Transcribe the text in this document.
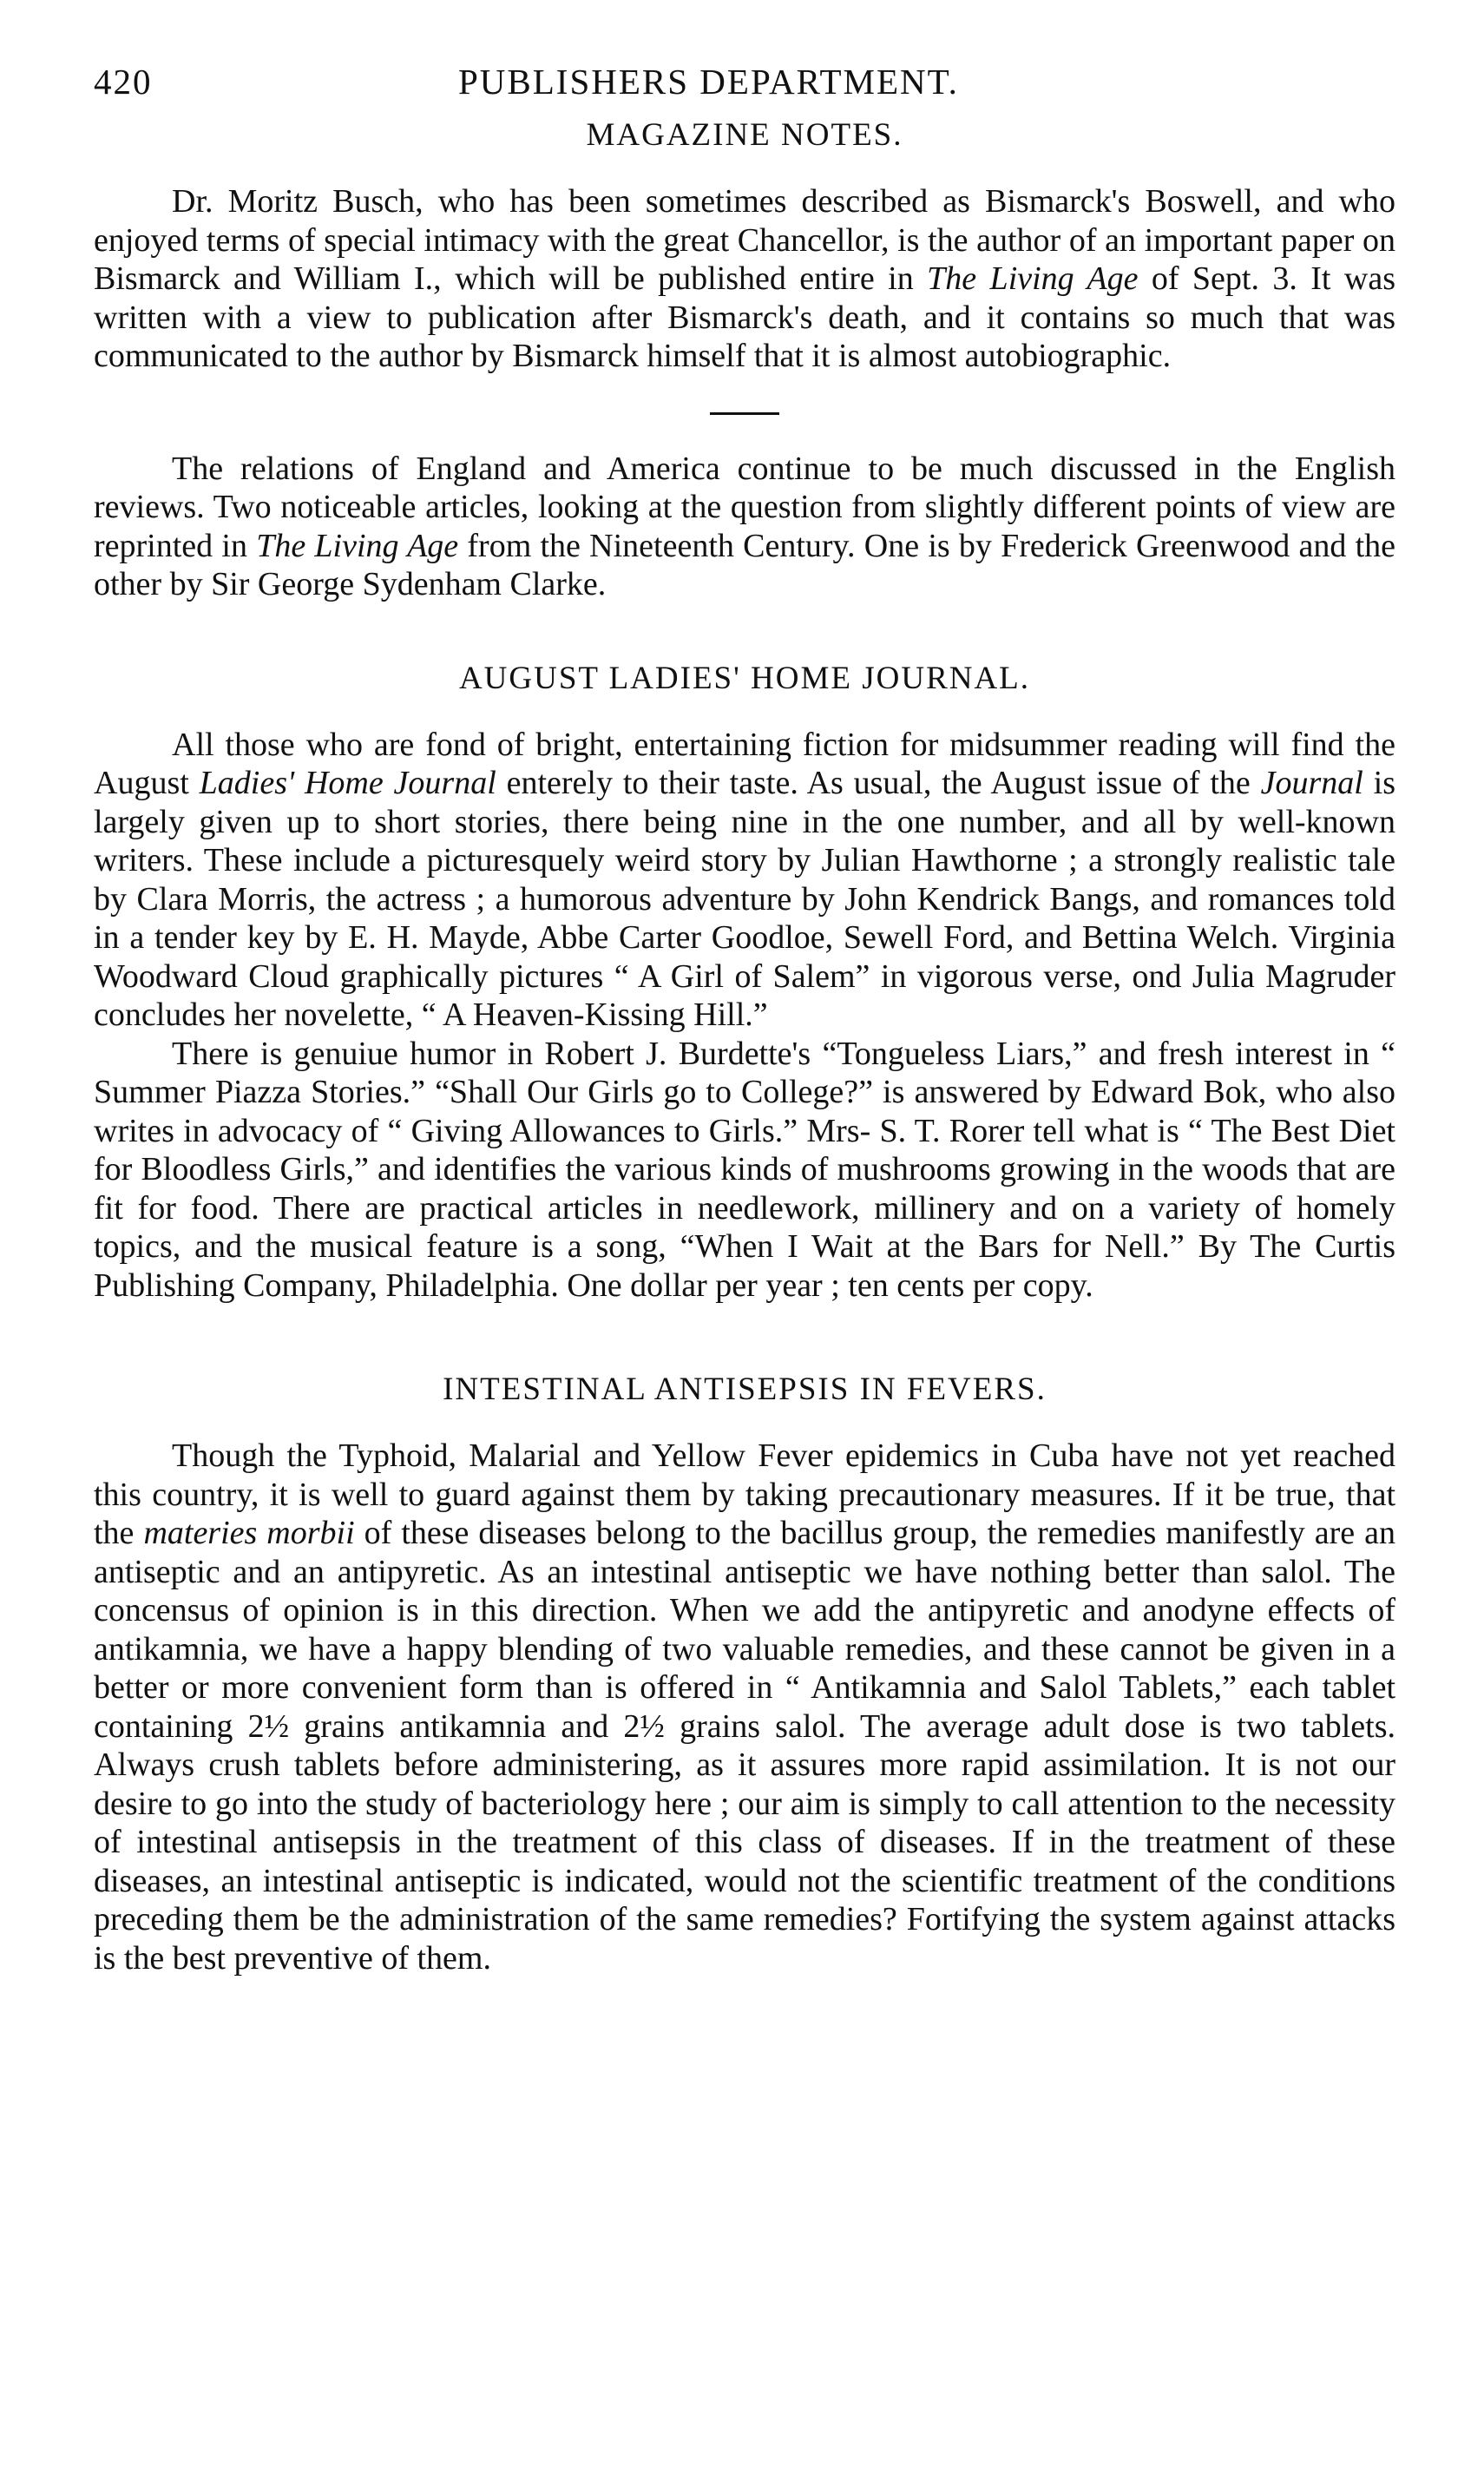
420	PUBLISHERS DEPARTMENT.
MAGAZINE NOTES.

Dr. Moritz Busch, who has been sometimes described as Bismarck's Boswell, and who enjoyed terms of special intimacy with the great Chancellor, is the author of an important paper on Bismarck and William I., which will be published entire in The Living Age of Sept. 3. It was written with a view to publication after Bismarck's death, and it contains so much that was communicated to the author by Bismarck himself that it is almost autobiographic.

The relations of England and America continue to be much discussed in the English reviews. Two noticeable articles, looking at the question from slightly different points of view are reprinted in The Living Age from the Nineteenth Century. One is by Frederick Greenwood and the other by Sir George Sydenham Clarke.

AUGUST LADIES' HOME JOURNAL.

All those who are fond of bright, entertaining fiction for midsummer reading will find the August Ladies' Home Journal enterely to their taste. As usual, the August issue of the Journal is largely given up to short stories, there being nine in the one number, and all by well-known writers. These include a picturesquely weird story by Julian Hawthorne ; a strongly realistic tale by Clara Morris, the actress ; a humorous adventure by John Kendrick Bangs, and romances told in a tender key by E. H. Mayde, Abbe Carter Goodloe, Sewell Ford, and Bettina Welch. Virginia Woodward Cloud graphically pictures “ A Girl of Salem” in vigorous verse, ond Julia Magruder concludes her novelette, “ A Heaven-Kissing Hill.”

There is genuiue humor in Robert J. Burdette's “Tongueless Liars,” and fresh interest in “ Summer Piazza Stories.” “Shall Our Girls go to College?” is answered by Edward Bok, who also writes in advocacy of “ Giving Allowances to Girls.” Mrs- S. T. Rorer tell what is “ The Best Diet for Bloodless Girls,” and identifies the various kinds of mushrooms growing in the woods that are fit for food. There are practical articles in needlework, millinery and on a variety of homely topics, and the musical feature is a song, “When I Wait at the Bars for Nell.” By The Curtis Publishing Company, Philadelphia. One dollar per year ; ten cents per copy.

INTESTINAL ANTISEPSIS IN FEVERS.

Though the Typhoid, Malarial and Yellow Fever epidemics in Cuba have not yet reached this country, it is well to guard against them by taking precautionary measures. If it be true, that the materies morbii of these diseases belong to the bacillus group, the remedies manifestly are an antiseptic and an antipyretic. As an intestinal antiseptic we have nothing better than salol. The concensus of opinion is in this direction. When we add the antipyretic and anodyne effects of antikamnia, we have a happy blending of two valuable remedies, and these cannot be given in a better or more convenient form than is offered in “ Antikamnia and Salol Tablets,” each tablet containing 2½ grains antikamnia and 2½ grains salol. The average adult dose is two tablets. Always crush tablets before administering, as it assures more rapid assimilation. It is not our desire to go into the study of bacteriology here ; our aim is simply to call attention to the necessity of intestinal antisepsis in the treatment of this class of diseases. If in the treatment of these diseases, an intestinal antiseptic is indicated, would not the scientific treatment of the conditions preceding them be the administration of the same remedies? Fortifying the system against attacks is the best preventive of them.
